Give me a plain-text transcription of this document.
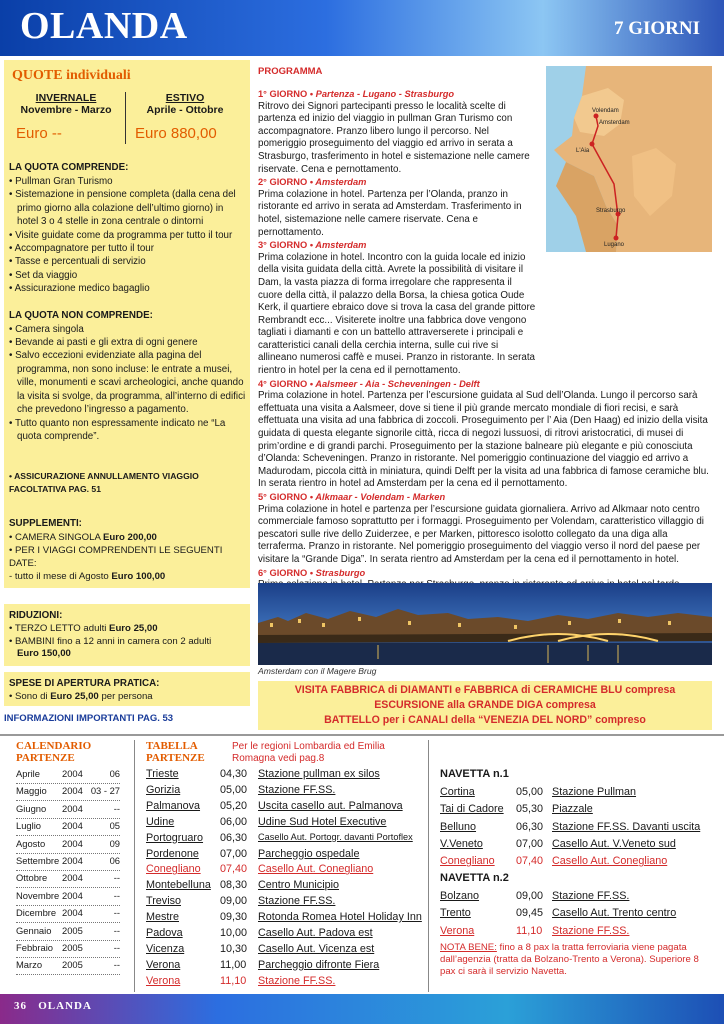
OLANDA	7 GIORNI
QUOTE individuali
INVERNALE
Novembre - Marzo
Euro --
ESTIVO
Aprile - Ottobre
Euro 880,00
LA QUOTA COMPRENDE:
• Pullman Gran Turismo
• Sistemazione in pensione completa (dalla cena del primo giorno alla colazione dell’ultimo giorno) in hotel 3 o 4 stelle in zona centrale o dintorni
• Visite guidate come da programma per tutto il tour
• Accompagnatore per tutto il tour
• Tasse e percentuali di servizio
• Set da viaggio
• Assicurazione medico bagaglio
LA QUOTA NON COMPRENDE:
• Camera singola
• Bevande ai pasti e gli extra di ogni genere
• Salvo eccezioni evidenziate alla pagina del programma, non sono incluse: le entrate a musei, ville, monumenti e scavi archeologici, anche quando la visita si svolge, da programma, all’interno di edifici che prevedono l’ingresso a pagamento.
• Tutto quanto non espressamente indicato ne “La quota comprende”.
• ASSICURAZIONE ANNULLAMENTO VIAGGIO FACOLTATIVA PAG. 51
SUPPLEMENTI:
• CAMERA SINGOLA Euro 200,00
• PER I VIAGGI COMPRENDENTI LE SEGUENTI DATE:
- tutto il mese di Agosto Euro 100,00
RIDUZIONI:
• TERZO LETTO adulti Euro 25,00
• BAMBINI fino a 12 anni in camera con 2 adulti
Euro 150,00
SPESE DI APERTURA PRATICA:
• Sono di Euro 25,00 per persona
INFORMAZIONI IMPORTANTI PAG. 53
PROGRAMMA
Amsterdam
Volendam
L'Aia
Strasburgo
Lugano
1° GIORNO • Partenza - Lugano - Strasburgo
Ritrovo dei Signori partecipanti presso le località scelte di partenza ed inizio del viaggio in pullman Gran Turismo con accompagnatore. Pranzo libero lungo il percorso. Nel pomeriggio proseguimento del viaggio ed arrivo in serata a Strasburgo, trasferimento in hotel e sistemazione nelle camere riservate. Cena e pernottamento.
2° GIORNO • Amsterdam
Prima colazione in hotel. Partenza per l’Olanda, pranzo in ristorante ed arrivo in serata ad Amsterdam. Trasferimento in hotel, sistemazione nelle camere riservate. Cena e pernottamento.
3° GIORNO • Amsterdam
Prima colazione in hotel. Incontro con la guida locale ed inizio della visita guidata della città. Avrete la possibilità di visitare il Dam, la vasta piazza di forma irregolare che rappresenta il cuore della città, il palazzo della Borsa, la chiesa gotica Oude Kerk, il quartiere ebraico dove si trova la casa del grande pittore Rembrandt ecc... Visiterete inoltre una fabbrica dove vengono tagliati i diamanti e con un battello attraverserete i principali e caratteristici canali della cerchia interna, sulle cui rive si allineano numerosi caffè e musei. Pranzo in ristorante. In serata rientro in hotel per la cena ed il pernottamento.
4° GIORNO • Aalsmeer - Aia - Scheveningen - Delft
Prima colazione in hotel. Partenza per l’escursione guidata al Sud dell’Olanda. Lungo il percorso sarà effettuata una visita a Aalsmeer, dove si tiene il più grande mercato mondiale di fiori recisi, e sarà effettuata una visita ad una fabbrica di zoccoli. Proseguimento per l’ Aia (Den Haag) ed inizio della visita guidata di questa elegante signorile città, ricca di negozi lussuosi, di ritrovi aristocratici, di musei di prim’ordine e di grandi parchi. Proseguimento per la stazione balneare più elegante e più conosciuta d’Olanda: Scheveningen. Pranzo in ristorante. Nel pomeriggio continuazione del viaggio ed arrivo a Madurodam, piccola città in miniatura, quindi Delft per la visita ad una fabbrica di famose ceramiche blu. In serata rientro in hotel ad Amsterdam per la cena ed il pernottamento.
5° GIORNO • Alkmaar - Volendam - Marken
Prima colazione in hotel e partenza per l’escursione guidata giornaliera. Arrivo ad Alkmaar noto centro commerciale famoso soprattutto per i formaggi. Proseguimento per Volendam, caratteristico villaggio di pescatori sulle rive dello Zuiderzee, e per Marken, pittoresco isolotto collegato da una diga alla terraferma. Pranzo in ristorante. Nel pomeriggio proseguimento del viaggio verso il nord del paese per visitare la “Grande Diga”. In serata rientro ad Amsterdam per la cena ed il pernottamento in hotel.
6° GIORNO • Strasburgo
Amsterdam con il Magere Brug
VISITA FABBRICA di DIAMANTI e FABBRICA di CERAMICHE BLU compresa
ESCURSIONE alla GRANDE DIGA compresa
BATTELLO per i CANALI della “VENEZIA DEL NORD” compreso
CALENDARIO
PARTENZE
Aprile 2004	06
Maggio 2004 03 - 27
Giugno 2004	--
Luglio 2004	05
Agosto 2004	09
Settembre 2004	06
Ottobre 2004	--
Novembre 2004	--
Dicembre 2004	--
Gennaio 2005	--
Febbraio 2005	--
Marzo 2005	--
TABELLA
PARTENZE
Per le regioni Lombardia ed Emilia Romagna vedi pag.8
Trieste	04,30 Stazione pullman ex silos
Gorizia	05,00 Stazione FF.SS.
Palmanova 05,20 Uscita casello aut. Palmanova
Udine	06,00 Udine Sud Hotel Executive
Portogruaro 06,30 Casello Aut. Portogr. davanti Portoflex
Pordenone 07,00 Parcheggio ospedale
Conegliano 07,40 Casello Aut. Conegliano
Montebelluna 08,30 Centro Municipio
Treviso	09,00 Stazione FF.SS.
Mestre	09,30 Rotonda Romea Hotel Holiday Inn
Padova	10,00 Casello Aut. Padova est
Vicenza	10,30 Casello Aut. Vicenza est
Verona	11,00 Parcheggio difronte Fiera
Verona	11,10 Stazione FF.SS.
NAVETTA n.1
Cortina	05,00 Stazione Pullman
Tai di Cadore 05,30 Piazzale
Belluno	06,30 Stazione FF.SS. Davanti uscita
V.Veneto	07,00 Casello Aut. V.Veneto sud
Conegliano 07,40 Casello Aut. Conegliano
NAVETTA n.2
Bolzano	09,00 Stazione FF.SS.
Trento	09,45 Casello Aut. Trento centro
Verona	11,10 Stazione FF.SS.
NOTA BENE: fino a 8 pax la tratta ferroviaria viene pagata dall’agenzia (tratta da Bolzano-Trento a Verona). Superiore 8 pax ci sarà il servizio Navetta.
36 OLANDA
